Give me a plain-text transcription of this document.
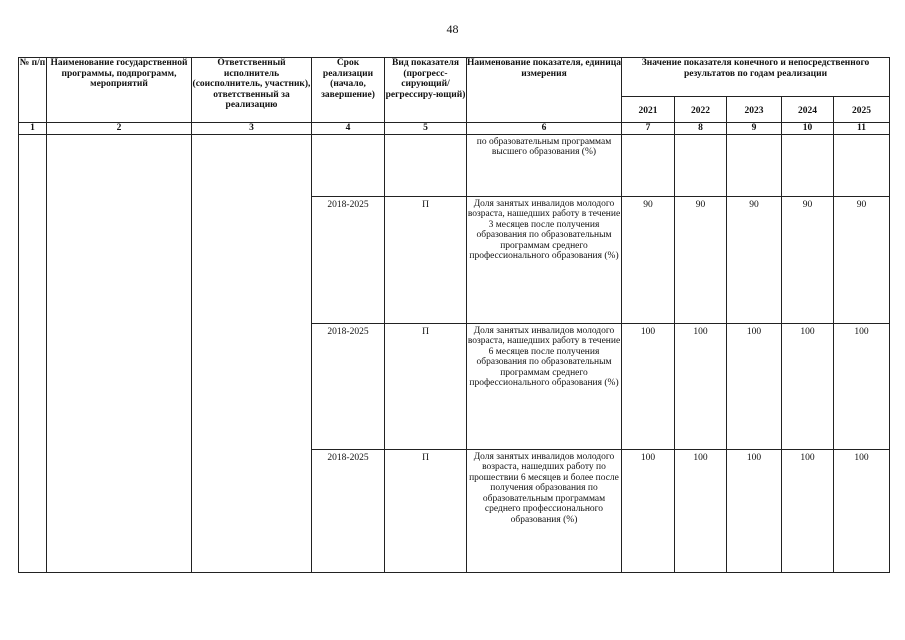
48
№ п/п	Наименование государственной программы, подпрограмм, мероприятий	Ответственный исполнитель (соисполнитель, участник), ответственный за реализацию	Срок реализации (начало, завершение)	Вид показателя (прогресс-сирующий/ регрессиру-ющий)	Наименование показателя, единица измерения	Значение показателя конечного и непосредственного результатов по годам реализации				
						2021	2022	2023	2024	2025
1	2	3	4	5	6	7	8	9	10	11
					по образовательным программам высшего образования (%)					
			2018-2025	П	Доля занятых инвалидов молодого возраста, нашедших работу в течение 3 месяцев после получения образования по образовательным программам среднего профессионального образования (%)	90	90	90	90	90
			2018-2025	П	Доля занятых инвалидов молодого возраста, нашедших работу в течение 6 месяцев после получения образования по образовательным программам среднего профессионального образования (%)	100	100	100	100	100
			2018-2025	П	Доля занятых инвалидов молодого возраста, нашедших работу по прошествии 6 месяцев и более после получения образования по образовательным программам среднего профессионального образования (%)	100	100	100	100	100
